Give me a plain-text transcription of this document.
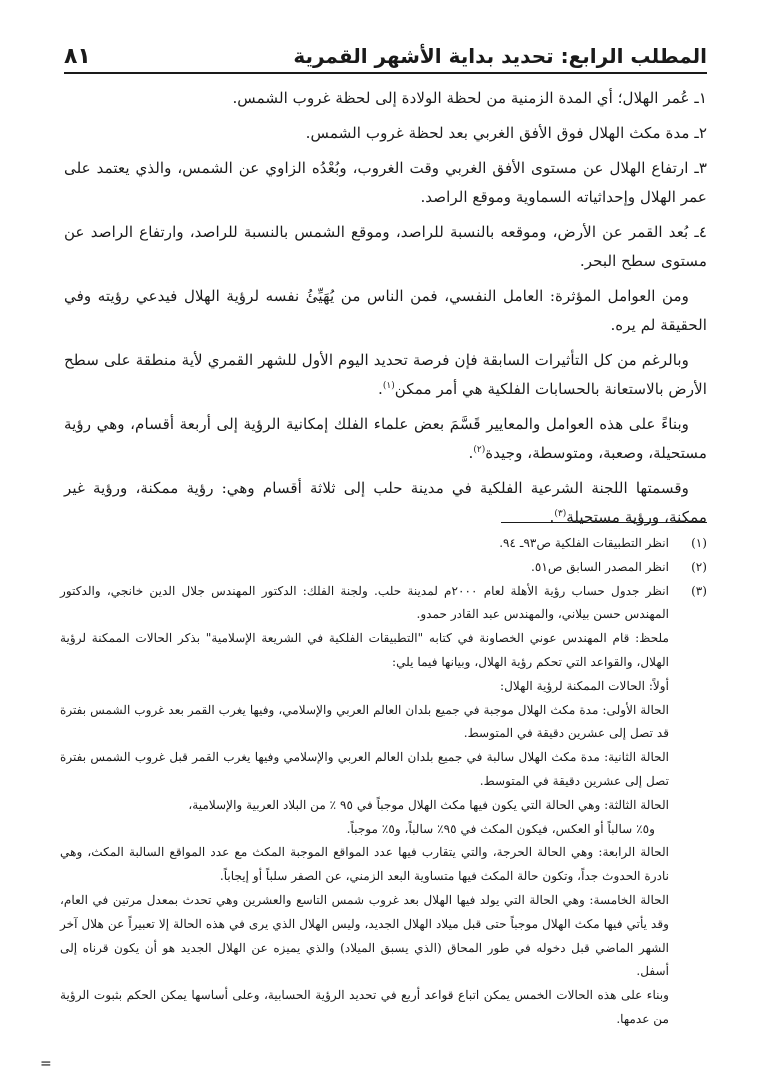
المطلب الرابع: تحديد بداية الأشهر القمرية
٨١

١ـ عُمر الهلال؛ أي المدة الزمنية من لحظة الولادة إلى لحظة غروب الشمس.

٢ـ مدة مكث الهلال فوق الأفق الغربي بعد لحظة غروب الشمس.

٣ـ ارتفاع الهلال عن مستوى الأفق الغربي وقت الغروب، وبُعْدُه الزاوي عن الشمس، والذي يعتمد على عمر الهلال وإحداثياته السماوية وموقع الراصد.

٤ـ بُعد القمر عن الأرض، وموقعه بالنسبة للراصد، وموقع الشمس بالنسبة للراصد، وارتفاع الراصد عن مستوى سطح البحر.

ومن العوامل المؤثرة: العامل النفسي، فمن الناس من يُهَيِّئُ نفسه لرؤية الهلال فيدعي رؤيته وفي الحقيقة لم يره.

وبالرغم من كل التأثيرات السابقة فإن فرصة تحديد اليوم الأول للشهر القمري لأية منطقة على سطح الأرض بالاستعانة بالحسابات الفلكية هي أمر ممكن$^{(١)}$.

وبناءً على هذه العوامل والمعايير قَسَّمَ بعض علماء الفلك إمكانية الرؤية إلى أربعة أقسام، وهي رؤية مستحيلة، وصعبة، ومتوسطة، وجيدة$^{(٢)}$.

وقسمتها اللجنة الشرعية الفلكية في مدينة حلب إلى ثلاثة أقسام وهي: رؤية ممكنة، ورؤية غير ممكنة، ورؤية مستحيلة$^{(٣)}$.

(١)

انظر التطبيقات الفلكية ص٩٣ـ ٩٤.

(٢)

انظر المصدر السابق ص٥١.

(٣)

انظر جدول حساب رؤية الأهلة لعام ٢٠٠٠م لمدينة حلب. ولجنة الفلك: الدكتور المهندس جلال الدين خانجي، والدكتور المهندس حسن بيلاني، والمهندس عبد القادر حمدو.

ملحظ: قام المهندس عوني الخصاونة في كتابه "التطبيقات الفلكية في الشريعة الإسلامية" بذكر الحالات الممكنة لرؤية الهلال، والقواعد التي تحكم رؤية الهلال، وبيانها فيما يلي:

أولاً: الحالات الممكنة لرؤية الهلال:

الحالة الأولى: مدة مكث الهلال موجبة في جميع بلدان العالم العربي والإسلامي، وفيها يغرب القمر بعد غروب الشمس بفترة قد تصل إلى عشرين دقيقة في المتوسط.

الحالة الثانية: مدة مكث الهلال سالبة في جميع بلدان العالم العربي والإسلامي وفيها يغرب القمر قبل غروب الشمس بفترة تصل إلى عشرين دقيقة في المتوسط.

الحالة الثالثة: وهي الحالة التي يكون فيها مكث الهلال موجباً في ٩٥ ٪ من البلاد العربية والإسلامية،

و٥٪ سالباً أو العكس، فيكون المكث في ٩٥٪ سالباً، و٥٪ موجباً.

الحالة الرابعة: وهي الحالة الحرجة، والتي يتقارب فيها عدد المواقع الموجبة المكث مع عدد المواقع السالبة المكث، وهي نادرة الحدوث جداً، وتكون حالة المكث فيها متساوية البعد الزمني، عن الصفر سلباً أو إيجاباً.

الحالة الخامسة: وهي الحالة التي يولد فيها الهلال بعد غروب شمس التاسع والعشرين وهي تحدث بمعدل مرتين في العام، وقد يأتي فيها مكث الهلال موجباً حتى قبل ميلاد الهلال الجديد، وليس الهلال الذي يرى في هذه الحالة إلا تعبيراً عن هلال آخر الشهر الماضي قبل دخوله في طور المحاق (الذي يسبق الميلاد) والذي يميزه عن الهلال الجديد هو أن يكون قرناه إلى أسفل.

وبناء على هذه الحالات الخمس يمكن اتباع قواعد أربع في تحديد الرؤية الحسابية، وعلى أساسها يمكن الحكم بثبوت الرؤية من عدمها.

=
